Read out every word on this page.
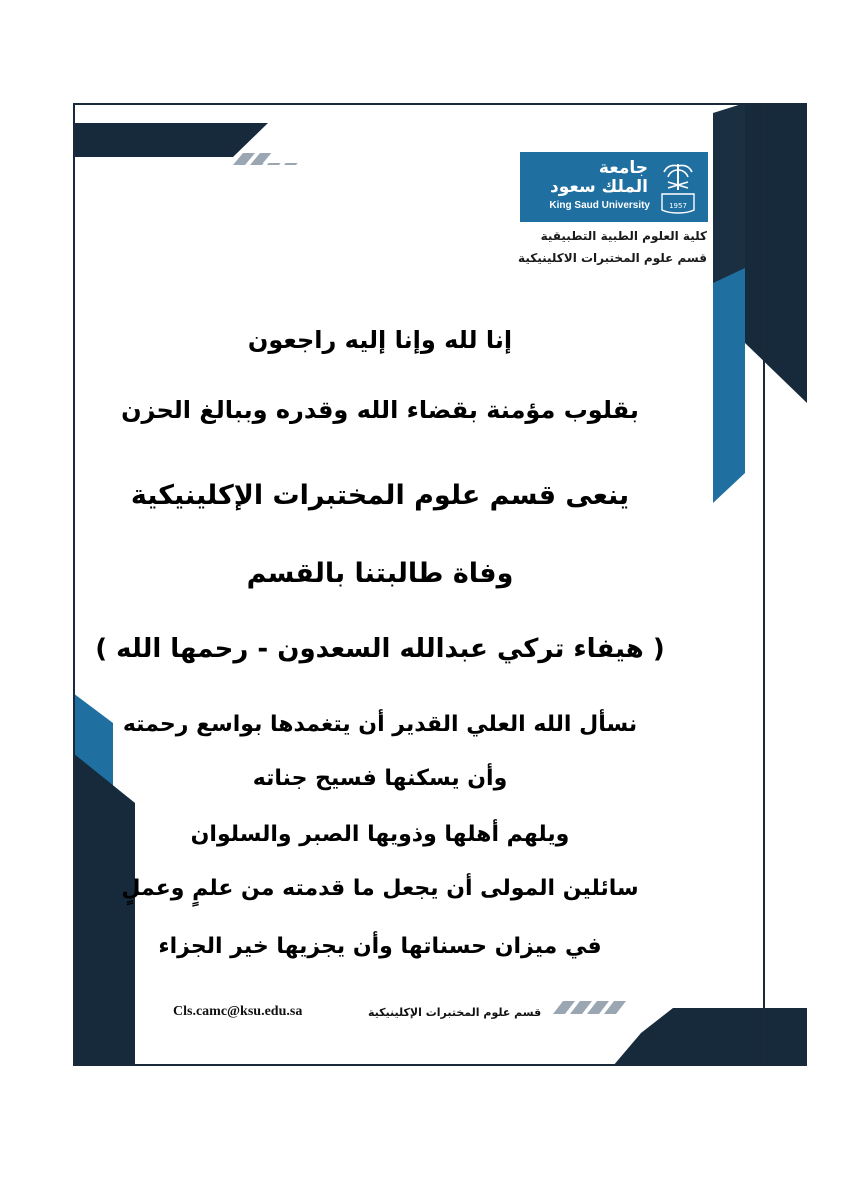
جامعة
الملك سعود
King Saud University	1957
كلية العلوم الطبية التطبيقية
قسم علوم المختبرات الاكلينيكية
إنا لله وإنا إليه راجعون
بقلوب مؤمنة بقضاء الله وقدره وببالغ الحزن
ينعى قسم علوم المختبرات الإكلينيكية
وفاة طالبتنا بالقسم
( هيفاء تركي عبدالله السعدون - رحمها الله )
نسأل الله العلي القدير أن يتغمدها بواسع رحمته
وأن يسكنها فسيح جناته
ويلهم أهلها وذويها الصبر والسلوان
سائلين المولى أن يجعل ما قدمته من علمٍ وعملٍ
في ميزان حسناتها وأن يجزيها خير الجزاء
قسم علوم المختبرات الإكلينيكية
Cls.camc@ksu.edu.sa
